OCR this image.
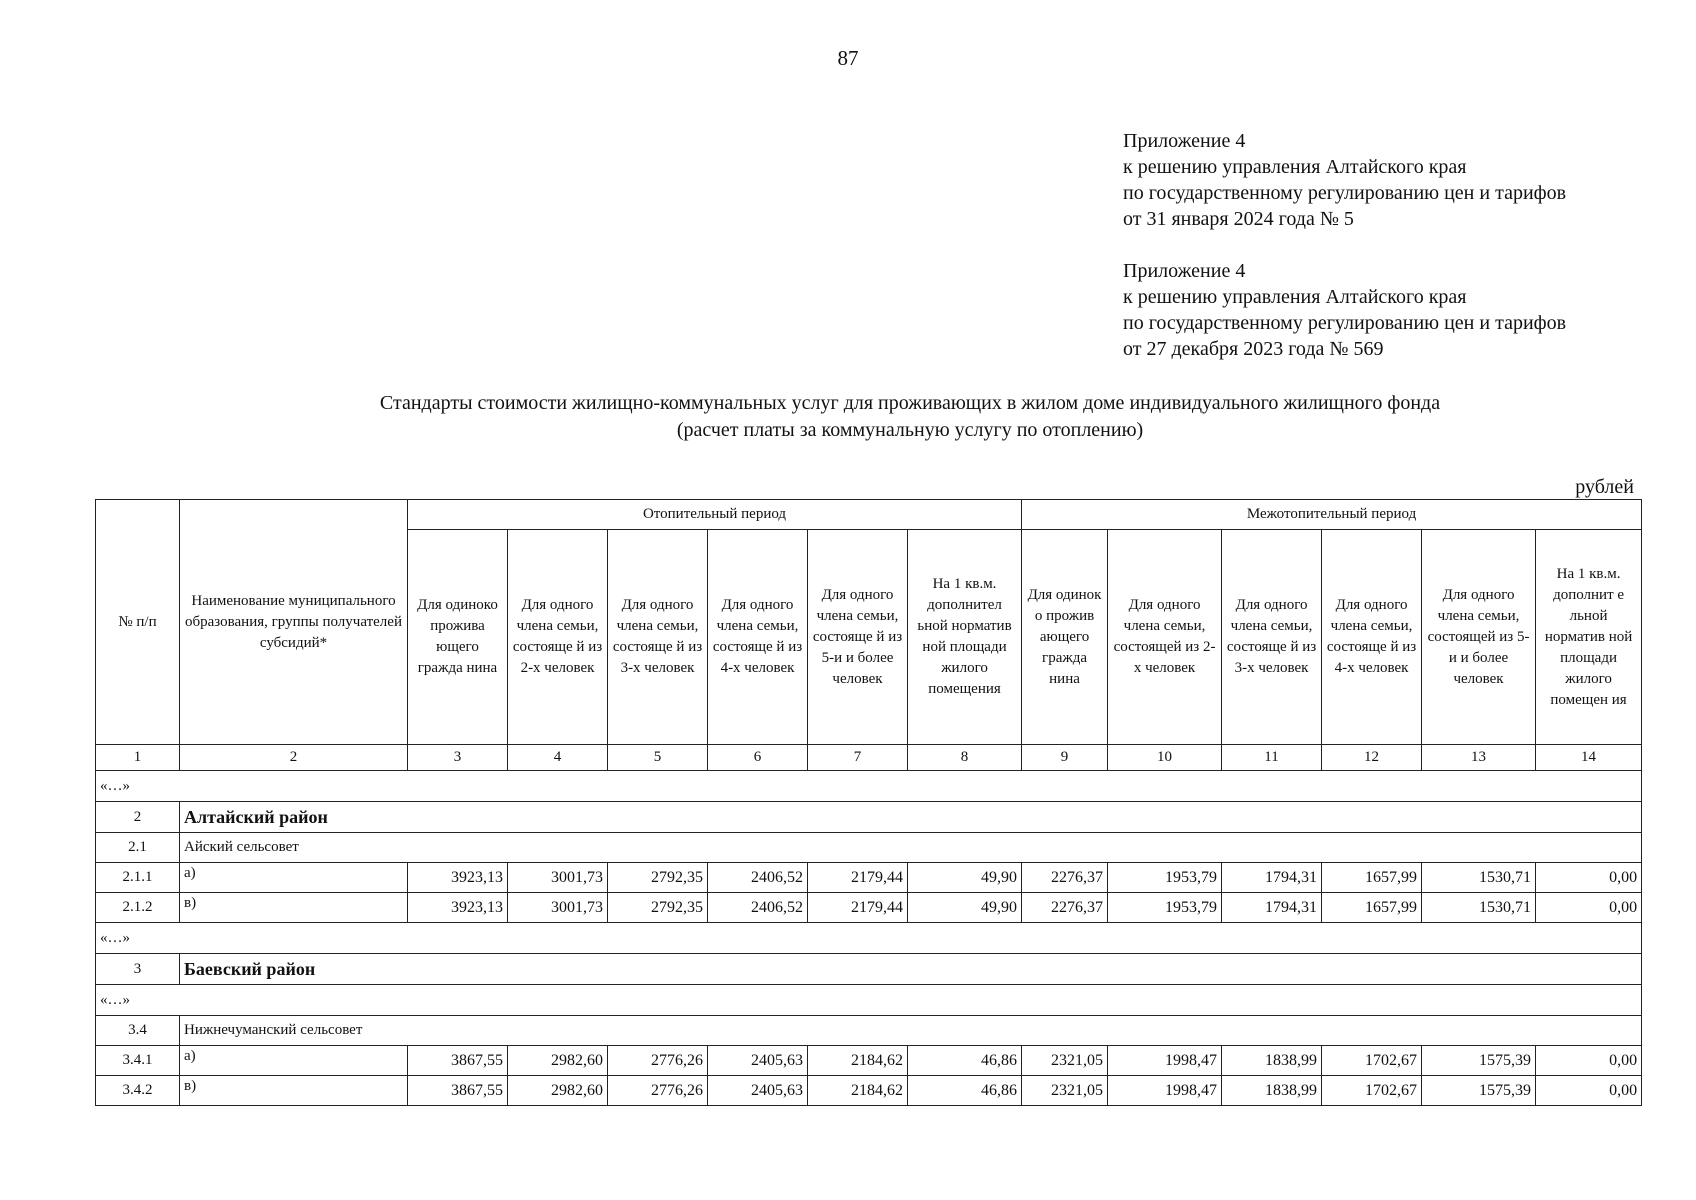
87
Приложение 4
к решению управления Алтайского края
по государственному регулированию цен и тарифов
от 31 января 2024 года № 5
Приложение 4
к решению управления Алтайского края
по государственному регулированию цен и тарифов
от 27 декабря 2023 года № 569
Стандарты стоимости жилищно-коммунальных услуг для проживающих в жилом доме индивидуального жилищного фонда
(расчет платы за коммунальную услугу по отоплению)
рублей
№ п/п	Наименование муниципального образования, группы получателей субсидий*	Отопительный период						Межотопительный период					
		Для одиноко прожива ющего гражда нина	Для одного члена семьи, состояще й из 2-х человек	Для одного члена семьи, состояще й из 3-х человек	Для одного члена семьи, состояще й из 4-х человек	Для одного члена семьи, состояще й из 5-и и более человек	На 1 кв.м. дополнител ьной норматив ной площади жилого помещения	Для одинок о прожив ающего гражда нина	Для одного члена семьи, состоящей из 2-х человек	Для одного члена семьи, состояще й из 3-х человек	Для одного члена семьи, состояще й из 4-х человек	Для одного члена семьи, состоящей из 5-и и более человек	На 1 кв.м. дополнит е льной норматив ной площади жилого помещен ия
1	2	3	4	5	6	7	8	9	10	11	12	13	14
«…»													
2	Алтайский район												
2.1	Айский сельсовет												
2.1.1	а)	3923,13	3001,73	2792,35	2406,52	2179,44	49,90	2276,37	1953,79	1794,31	1657,99	1530,71	0,00
2.1.2	в)	3923,13	3001,73	2792,35	2406,52	2179,44	49,90	2276,37	1953,79	1794,31	1657,99	1530,71	0,00
«…»													
3	Баевский район												
«…»													
3.4	Нижнечуманский сельсовет												
3.4.1	а)	3867,55	2982,60	2776,26	2405,63	2184,62	46,86	2321,05	1998,47	1838,99	1702,67	1575,39	0,00
3.4.2	в)	3867,55	2982,60	2776,26	2405,63	2184,62	46,86	2321,05	1998,47	1838,99	1702,67	1575,39	0,00
